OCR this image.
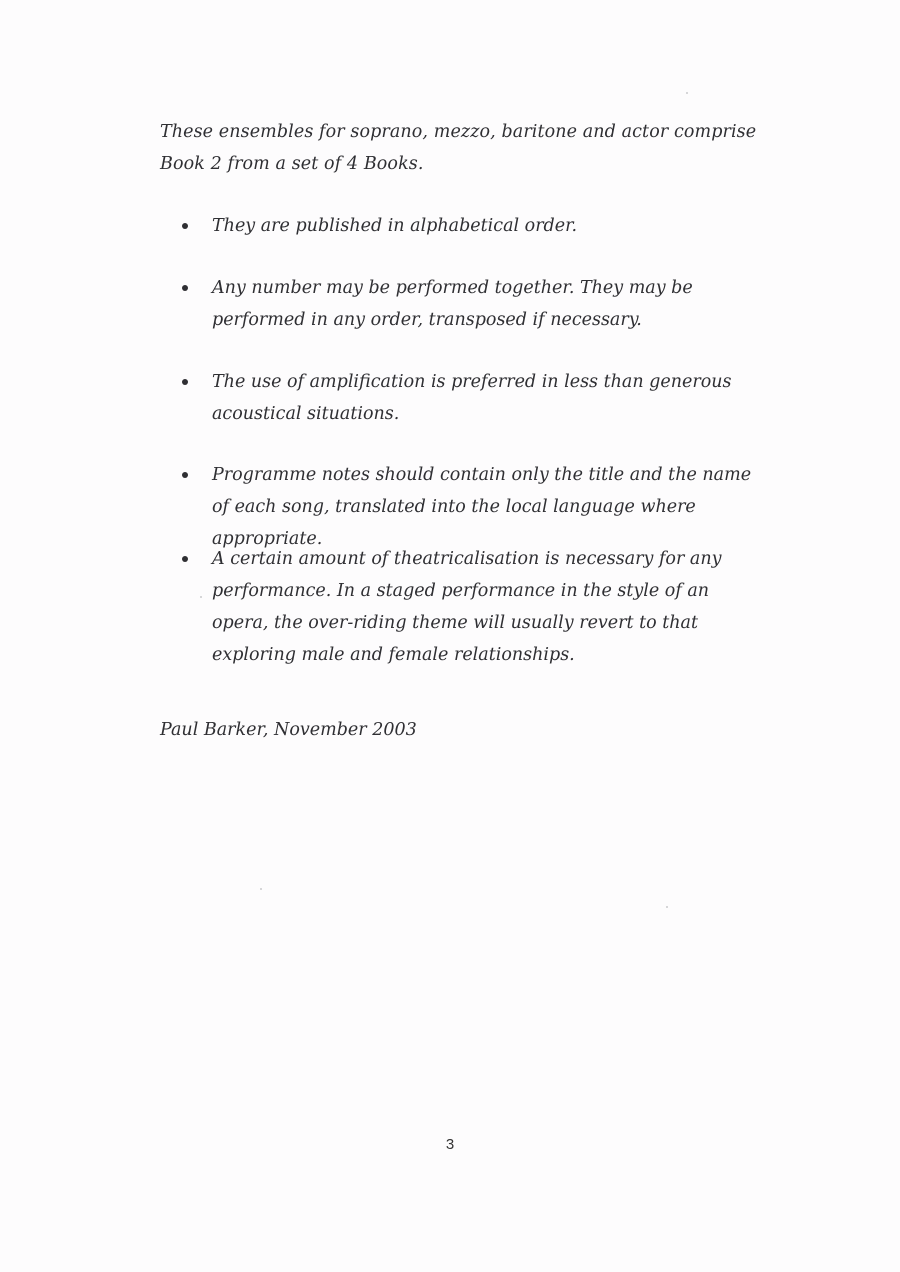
These ensembles for soprano, mezzo, baritone and actor comprise Book 2 from a set of 4 Books.

They are published in alphabetical order.
Any number may be performed together. They may be performed in any order, transposed if necessary.
The use of amplification is preferred in less than generous acoustical situations.
Programme notes should contain only the title and the name of each song, translated into the local language where appropriate.
A certain amount of theatricalisation is necessary for any performance. In a staged performance in the style of an opera, the over-riding theme will usually revert to that exploring male and female relationships.

Paul Barker, November 2003

3
